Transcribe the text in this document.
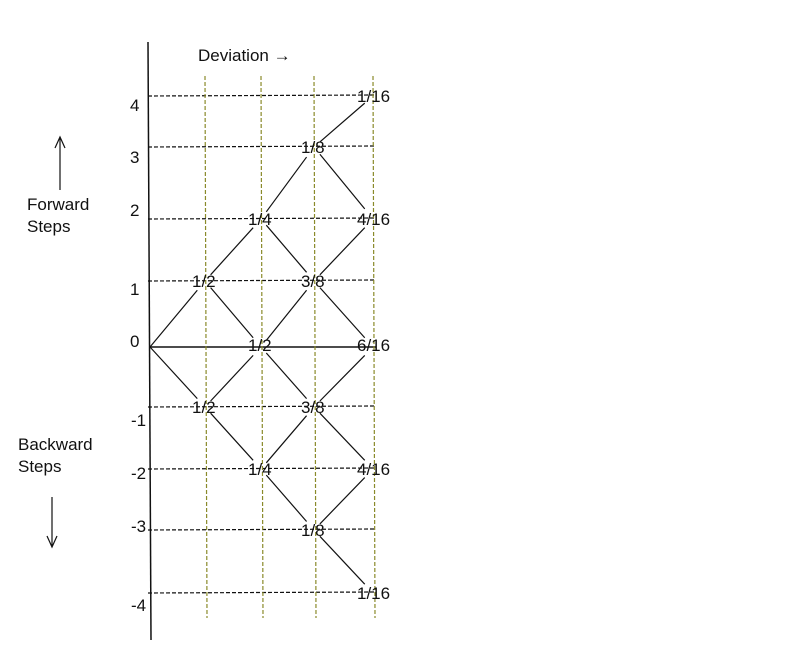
4
3
2
1
0
-1
-2
-3
-4
1/2
1/2
1/4
1/2
1/4
1/8
3/8
3/8
1/8
1/16
4/16
6/16
4/16
1/16
Deviation →
Forward
Steps
Backward
Steps
